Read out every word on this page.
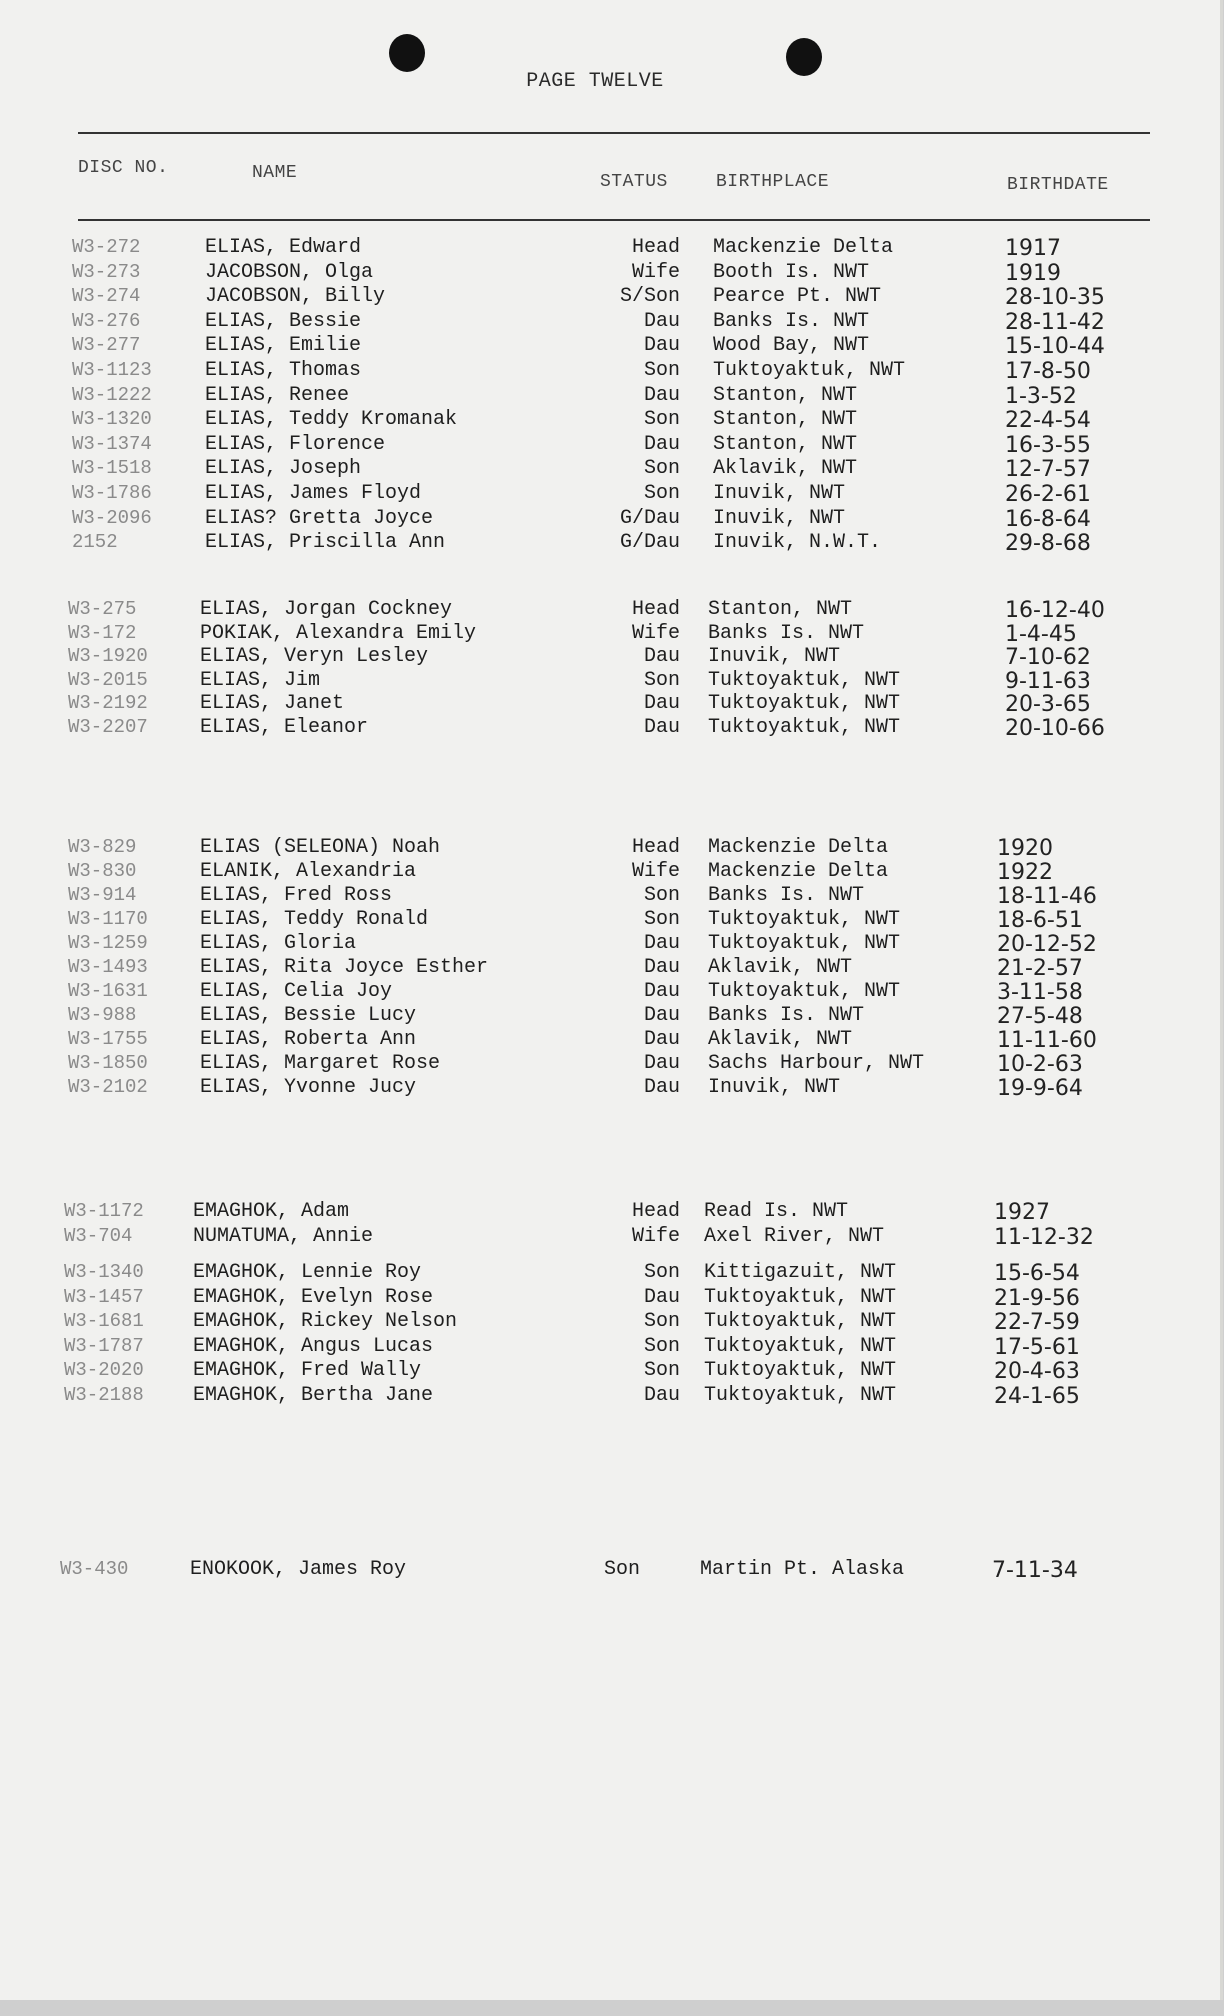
PAGE TWELVE
DISC NO.	NAME	STATUS	BIRTHPLACE	BIRTHDATE
W3-272	ELIAS, Edward	Head Mackenzie Delta	1917
W3-273	JACOBSON, Olga	Wife Booth Is. NWT	1919
W3-274	JACOBSON, Billy	S/Son Pearce Pt. NWT	28-10-35
W3-276	ELIAS, Bessie	Dau Banks Is. NWT	28-11-42
W3-277	ELIAS, Emilie	Dau Wood Bay, NWT	15-10-44
W3-1123	ELIAS, Thomas	Son Tuktoyaktuk, NWT	17-8-50
W3-1222	ELIAS, Renee	Dau Stanton, NWT	1-3-52
W3-1320	ELIAS, Teddy Kromanak	Son Stanton, NWT	22-4-54
W3-1374	ELIAS, Florence	Dau Stanton, NWT	16-3-55
W3-1518	ELIAS, Joseph	Son Aklavik, NWT	12-7-57
W3-1786	ELIAS, James Floyd	Son Inuvik, NWT	26-2-61
W3-2096	ELIAS? Gretta Joyce	G/Dau Inuvik, NWT	16-8-64
2152	ELIAS, Priscilla Ann	G/Dau Inuvik, N.W.T.	29-8-68
W3-275	ELIAS, Jorgan Cockney	Head Stanton, NWT	16-12-40
W3-172	POKIAK, Alexandra Emily	Wife Banks Is. NWT	1-4-45
W3-1920	ELIAS, Veryn Lesley	Dau Inuvik, NWT	7-10-62
W3-2015	ELIAS, Jim	Son Tuktoyaktuk, NWT	9-11-63
W3-2192	ELIAS, Janet	Dau Tuktoyaktuk, NWT	20-3-65
W3-2207	ELIAS, Eleanor	Dau Tuktoyaktuk, NWT	20-10-66
W3-829	ELIAS (SELEONA) Noah	Head Mackenzie Delta	1920
W3-830	ELANIK, Alexandria	Wife Mackenzie Delta	1922
W3-914	ELIAS, Fred Ross	Son Banks Is. NWT	18-11-46
W3-1170	ELIAS, Teddy Ronald	Son Tuktoyaktuk, NWT	18-6-51
W3-1259	ELIAS, Gloria	Dau Tuktoyaktuk, NWT	20-12-52
W3-1493	ELIAS, Rita Joyce Esther	Dau Aklavik, NWT	21-2-57
W3-1631	ELIAS, Celia Joy	Dau Tuktoyaktuk, NWT	3-11-58
W3-988	ELIAS, Bessie Lucy	Dau Banks Is. NWT	27-5-48
W3-1755	ELIAS, Roberta Ann	Dau Aklavik, NWT	11-11-60
W3-1850	ELIAS, Margaret Rose	Dau Sachs Harbour, NWT	10-2-63
W3-2102	ELIAS, Yvonne Jucy	Dau Inuvik, NWT	19-9-64
W3-1172 EMAGHOK, Adam	Head Read Is. NWT	1927
W3-704	NUMATUMA, Annie	Wife Axel River, NWT	11-12-32
W3-1340 EMAGHOK, Lennie Roy	Son Kittigazuit, NWT	15-6-54
W3-1457 EMAGHOK, Evelyn Rose	Dau Tuktoyaktuk, NWT	21-9-56
W3-1681 EMAGHOK, Rickey Nelson	Son Tuktoyaktuk, NWT	22-7-59
W3-1787 EMAGHOK, Angus Lucas	Son Tuktoyaktuk, NWT	17-5-61
W3-2020 EMAGHOK, Fred Wally	Son Tuktoyaktuk, NWT	20-4-63
W3-2188 EMAGHOK, Bertha Jane	Dau Tuktoyaktuk, NWT	24-1-65
W3-430	ENOKOOK, James Roy	Son	Martin Pt. Alaska	7-11-34
